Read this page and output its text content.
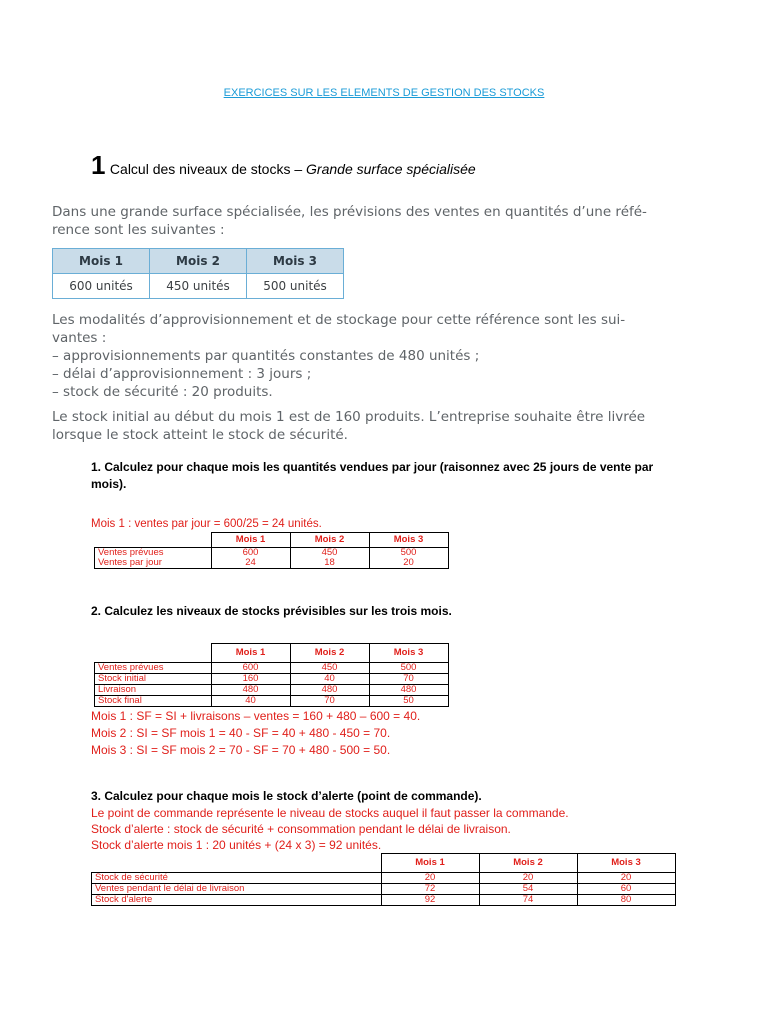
EXERCICES SUR LES ELEMENTS DE GESTION DES STOCKS
1 Calcul des niveaux de stocks – Grande surface spécialisée
Dans une grande surface spécialisée, les prévisions des ventes en quantités d’une réfé-
rence sont les suivantes :
Mois 1	Mois 2	Mois 3
600 unités	450 unités	500 unités
Les modalités d’approvisionnement et de stockage pour cette référence sont les sui-
vantes :
– approvisionnements par quantités constantes de 480 unités ;
– délai d’approvisionnement : 3 jours ;
– stock de sécurité : 20 produits.
Le stock initial au début du mois 1 est de 160 produits. L’entreprise souhaite être livrée
lorsque le stock atteint le stock de sécurité.
1. Calculez pour chaque mois les quantités vendues par jour (raisonnez avec 25 jours de vente par mois).
Mois 1 : ventes par jour = 600/25 = 24 unités.
	Mois 1	Mois 2	Mois 3
Ventes prévues	600	450	500
Ventes par jour	24	18	20
2. Calculez les niveaux de stocks prévisibles sur les trois mois.
	Mois 1	Mois 2	Mois 3
Ventes prévues	600	450	500
Stock initial	160	40	70
Livraison	480	480	480
Stock final	40	70	50
Mois 1 : SF = SI + livraisons – ventes = 160 + 480 – 600 = 40.
Mois 2 : SI = SF mois 1 = 40 - SF = 40 + 480 - 450 = 70.
Mois 3 : SI = SF mois 2 = 70 - SF = 70 + 480 - 500 = 50.
3. Calculez pour chaque mois le stock d’alerte (point de commande).
Le point de commande représente le niveau de stocks auquel il faut passer la commande.
Stock d’alerte : stock de sécurité + consommation pendant le délai de livraison.
Stock d’alerte mois 1 : 20 unités + (24 x 3) = 92 unités.
	Mois 1	Mois 2	Mois 3
Stock de sécurité	20	20	20
Ventes pendant le délai de livraison	72	54	60
Stock d'alerte	92	74	80
